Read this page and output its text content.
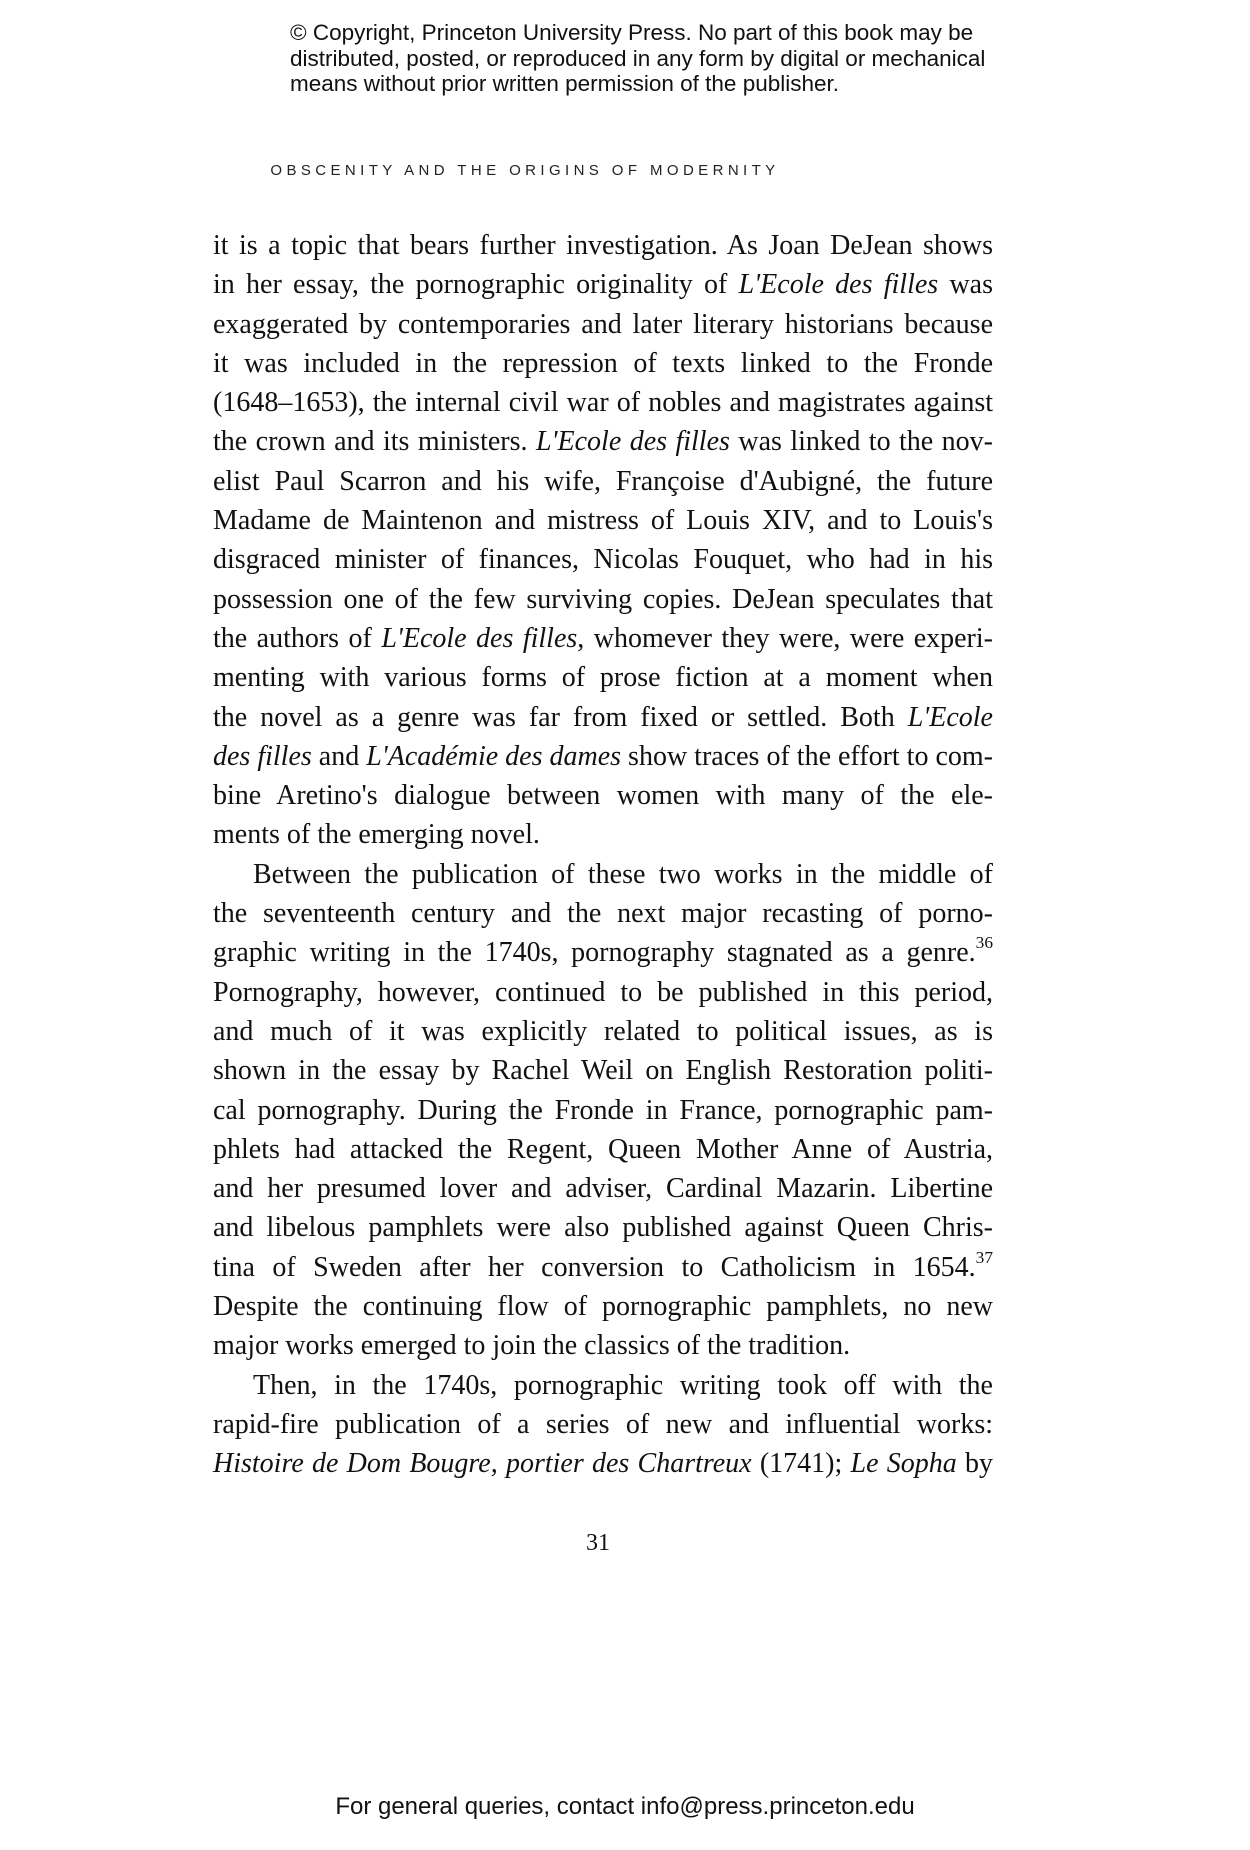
© Copyright, Princeton University Press. No part of this book may be
distributed, posted, or reproduced in any form by digital or mechanical
means without prior written permission of the publisher.
OBSCENITY AND THE ORIGINS OF MODERNITY
it is a topic that bears further investigation. As Joan DeJean shows
in her essay, the pornographic originality of L'Ecole des filles was
exaggerated by contemporaries and later literary historians because
it was included in the repression of texts linked to the Fronde
(1648–1653), the internal civil war of nobles and magistrates against
the crown and its ministers. L'Ecole des filles was linked to the nov-
elist Paul Scarron and his wife, Françoise d'Aubigné, the future
Madame de Maintenon and mistress of Louis XIV, and to Louis's
disgraced minister of finances, Nicolas Fouquet, who had in his
possession one of the few surviving copies. DeJean speculates that
the authors of L'Ecole des filles, whomever they were, were experi-
menting with various forms of prose fiction at a moment when
the novel as a genre was far from fixed or settled. Both L'Ecole
des filles and L'Académie des dames show traces of the effort to com-
bine Aretino's dialogue between women with many of the ele-
ments of the emerging novel.
Between the publication of these two works in the middle of
the seventeenth century and the next major recasting of porno-
graphic writing in the 1740s, pornography stagnated as a genre.$^{36}$
Pornography, however, continued to be published in this period,
and much of it was explicitly related to political issues, as is
shown in the essay by Rachel Weil on English Restoration politi-
cal pornography. During the Fronde in France, pornographic pam-
phlets had attacked the Regent, Queen Mother Anne of Austria,
and her presumed lover and adviser, Cardinal Mazarin. Libertine
and libelous pamphlets were also published against Queen Chris-
tina of Sweden after her conversion to Catholicism in 1654.37
Despite the continuing flow of pornographic pamphlets, no new
major works emerged to join the classics of the tradition.
Then, in the 1740s, pornographic writing took off with the
rapid-fire publication of a series of new and influential works:
Histoire de Dom Bougre, portier des Chartreux (1741); Le Sopha by
31
For general queries, contact info@press.princeton.edu
